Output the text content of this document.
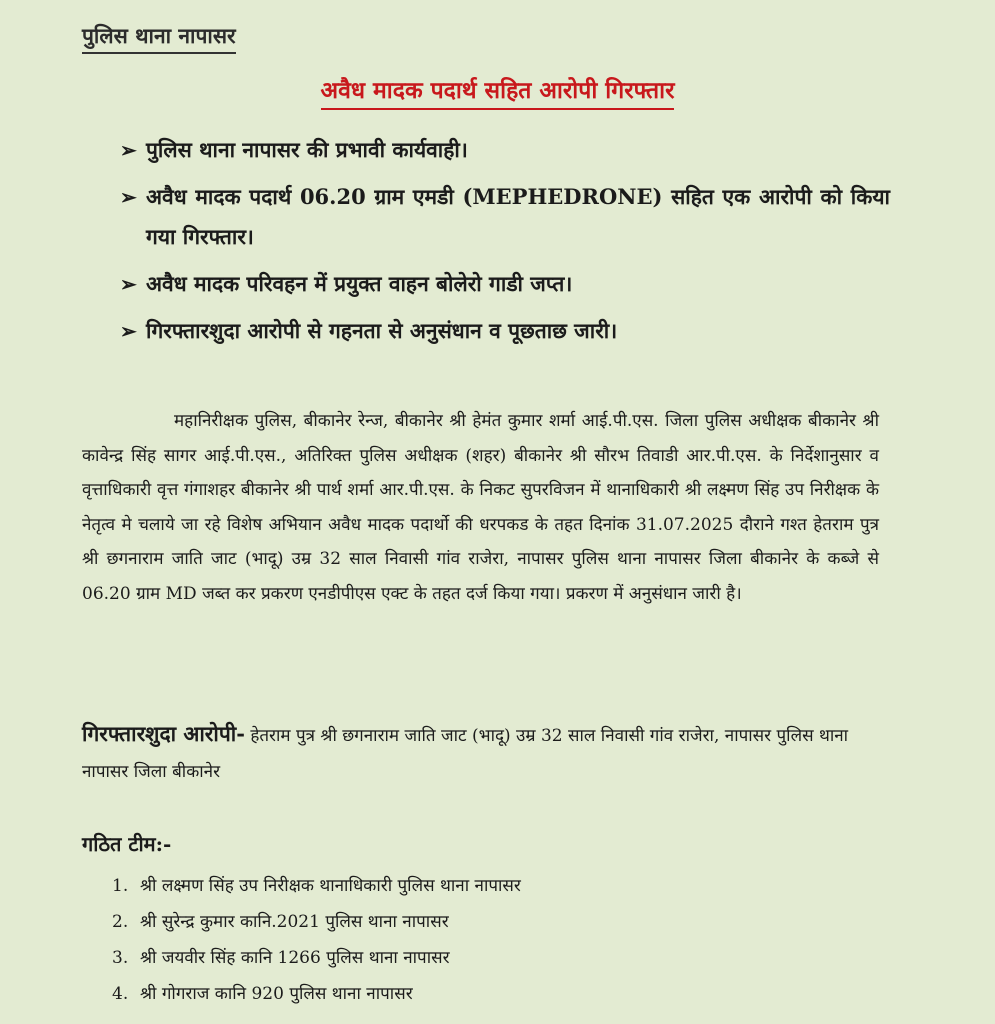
पुलिस थाना नापासर
अवैध मादक पदार्थ सहित आरोपी गिरफ्तार
➢ पुलिस थाना नापासर की प्रभावी कार्यवाही।
➢ अवैध मादक पदार्थ 06.20 ग्राम एमडी (MEPHEDRONE) सहित एक आरोपी को किया गया गिरफ्तार।
➢ अवैध मादक परिवहन में प्रयुक्त वाहन बोलेरो गाडी जप्त।
➢ गिरफ्तारशुदा आरोपी से गहनता से अनुसंधान व पूछताछ जारी।

महानिरीक्षक पुलिस, बीकानेर रेन्ज, बीकानेर श्री हेमंत कुमार शर्मा आई.पी.एस. जिला पुलिस अधीक्षक बीकानेर श्री कावेन्द्र सिंह सागर आई.पी.एस., अतिरिक्त पुलिस अधीक्षक (शहर) बीकानेर श्री सौरभ तिवाडी आर.पी.एस. के निर्देशानुसार व वृत्ताधिकारी वृत्त गंगाशहर बीकानेर श्री पार्थ शर्मा आर.पी.एस. के निकट सुपरविजन में थानाधिकारी श्री लक्ष्मण सिंह उप निरीक्षक के नेतृत्व मे चलाये जा रहे विशेष अभियान अवैध मादक पदार्थो की धरपकड के तहत दिनांक 31.07.2025 दौराने गश्त हेतराम पुत्र श्री छगनाराम जाति जाट (भादू) उम्र 32 साल निवासी गांव राजेरा, नापासर पुलिस थाना नापासर जिला बीकानेर के कब्जे से 06.20 ग्राम MD जब्त कर प्रकरण एनडीपीएस एक्ट के तहत दर्ज किया गया। प्रकरण में अनुसंधान जारी है।

गिरफ्तारशुदा आरोपी- हेतराम पुत्र श्री छगनाराम जाति जाट (भादू) उम्र 32 साल निवासी गांव राजेरा, नापासर पुलिस थाना नापासर जिला बीकानेर

गठित टीम:-

1. श्री लक्ष्मण सिंह उप निरीक्षक थानाधिकारी पुलिस थाना नापासर
2. श्री सुरेन्द्र कुमार कानि.2021 पुलिस थाना नापासर
3. श्री जयवीर सिंह कानि 1266 पुलिस थाना नापासर
4. श्री गोगराज कानि 920 पुलिस थाना नापासर
